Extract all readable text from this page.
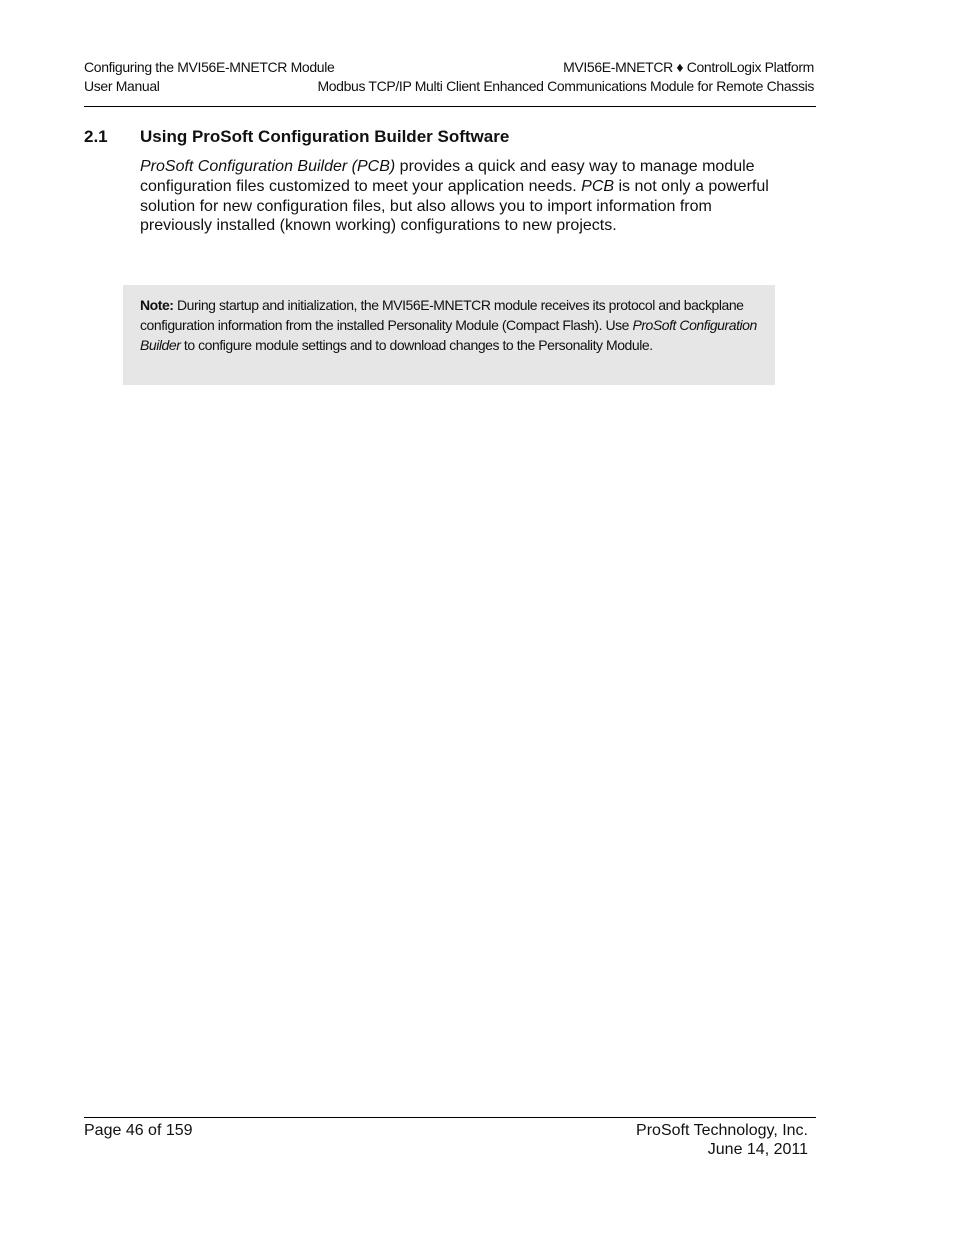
Configuring the MVI56E-MNETCR Module
User Manual
MVI56E-MNETCR ♦ ControlLogix Platform
Modbus TCP/IP Multi Client Enhanced Communications Module for Remote Chassis
2.1 Using ProSoft Configuration Builder Software
ProSoft Configuration Builder (PCB) provides a quick and easy way to manage module configuration files customized to meet your application needs. PCB is not only a powerful solution for new configuration files, but also allows you to import information from previously installed (known working) configurations to new projects.
Note: During startup and initialization, the MVI56E-MNETCR module receives its protocol and backplane configuration information from the installed Personality Module (Compact Flash). Use ProSoft Configuration Builder to configure module settings and to download changes to the Personality Module.
Page 46 of 159	ProSoft Technology, Inc.
June 14, 2011
